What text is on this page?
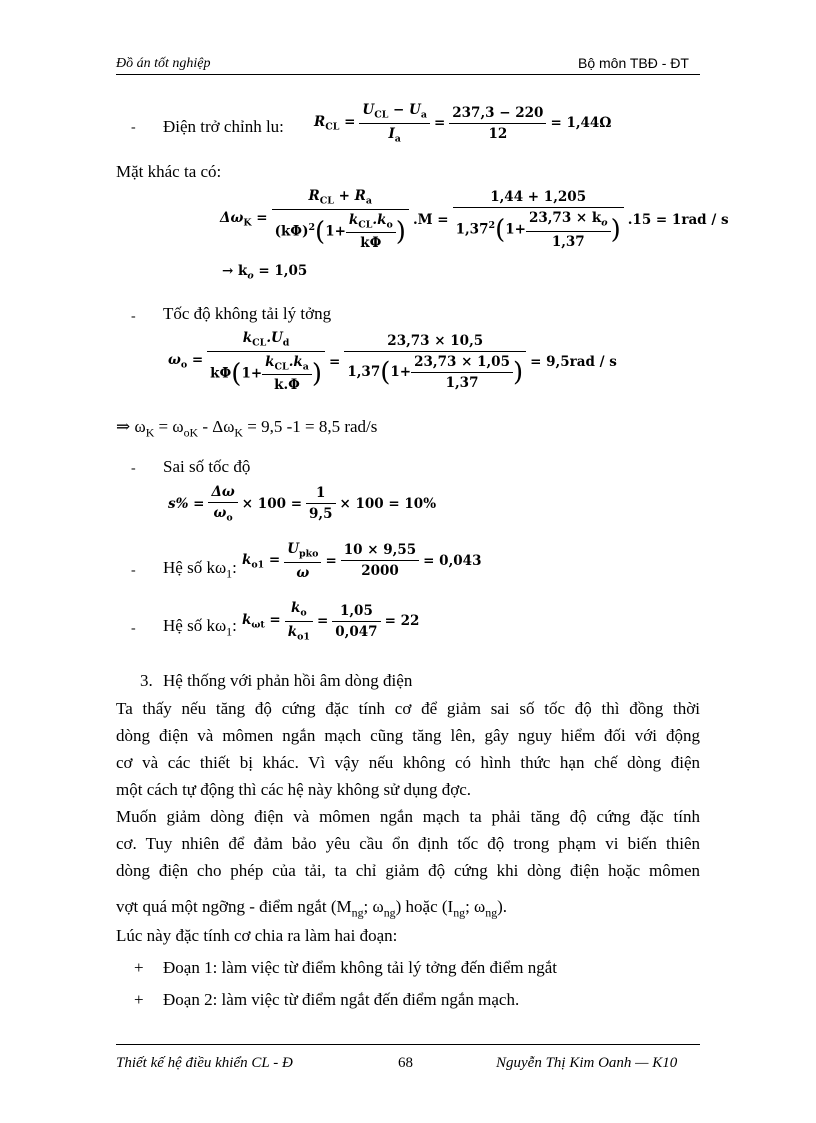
Đồ án tốt nghiệp	Bộ môn TBĐ - ĐT
- Điện trở chỉnh lu: $R_{CL}$ =	$\frac{U_{CL} - U_a}{I_a}$	=	$\frac{237,3 - 220}{12}$	= 1,44Ω
Mặt khác ta có:
$\Delta\omega_K$ =	$\frac{R_{CL} + R_a}{(k\Phi)^2(1+ \frac{k_{CL}.k_o}{k\Phi} )}$	.M =	$\frac{1,44 + 1,205}{1,37^2(1+ \frac{23,73 \times k_o}{1,37} )}$	.15 = 1rad / s
→ $k_o = 1,05$
- Tốc độ không tải lý tởng
$\omega_o$ =	$\frac{k_{CL}.U_d}{k\Phi(1+ \frac{k_{CL}.k_a}{k.\Phi} )}$	=	$\frac{23,73 \times 10,5}{1,37(1+ \frac{23,73 \times 1,05}{1,37} )}$	= 9,5rad / s
⇒ $\omega_K = \omega_{oK} - \Delta\omega_K = 9,5$ -1 = 8,5 rad/s
- Sai số tốc độ
s% =	$\frac{\Delta\omega}{\omega_o}$	× 100 =	$\frac{1}{9,5}$	× 100 = 10%
- Hệ số $k\omega_1$: $k_{o1}$ =	$\frac{U_{pko}}{\omega}$	=	$\frac{10 \times 9,55}{2000}$	= 0,043
- Hệ số $k\omega_1$: $k_{\omega t}$ =	$\frac{k_o}{k_{o1}}$	=	$\frac{1,05}{0,047}$	= 22
3. Hệ thống với phản hồi âm dòng điện
Ta thấy nếu tăng độ cứng đặc tính cơ để giảm sai số tốc độ thì đồng thời
dòng điện và mômen ngắn mạch cũng tăng lên, gây nguy hiểm đối với động
cơ và các thiết bị khác. Vì vậy nếu không có hình thức hạn chế dòng điện
một cách tự động thì các hệ này không sử dụng đợc.
Muốn giảm dòng điện và mômen ngắn mạch ta phải tăng độ cứng đặc tính
cơ. Tuy nhiên để đảm bảo yêu cầu ổn định tốc độ trong phạm vi biến thiên
dòng điện cho phép của tải, ta chỉ giảm độ cứng khi dòng điện hoặc mômen
vợt quá một ngỡng - điểm ngắt ($M_{ng}$; $\omega_{ng}$) hoặc ($I_{ng}$; $\omega_{ng}$).
Lúc này đặc tính cơ chia ra làm hai đoạn:
+ Đoạn 1: làm việc từ điểm không tải lý tởng đến điểm ngắt
+ Đoạn 2: làm việc từ điểm ngắt đến điểm ngắn mạch.
Thiết kế hệ điều khiển CL - Đ	68	Nguyễn Thị Kim Oanh — K10
